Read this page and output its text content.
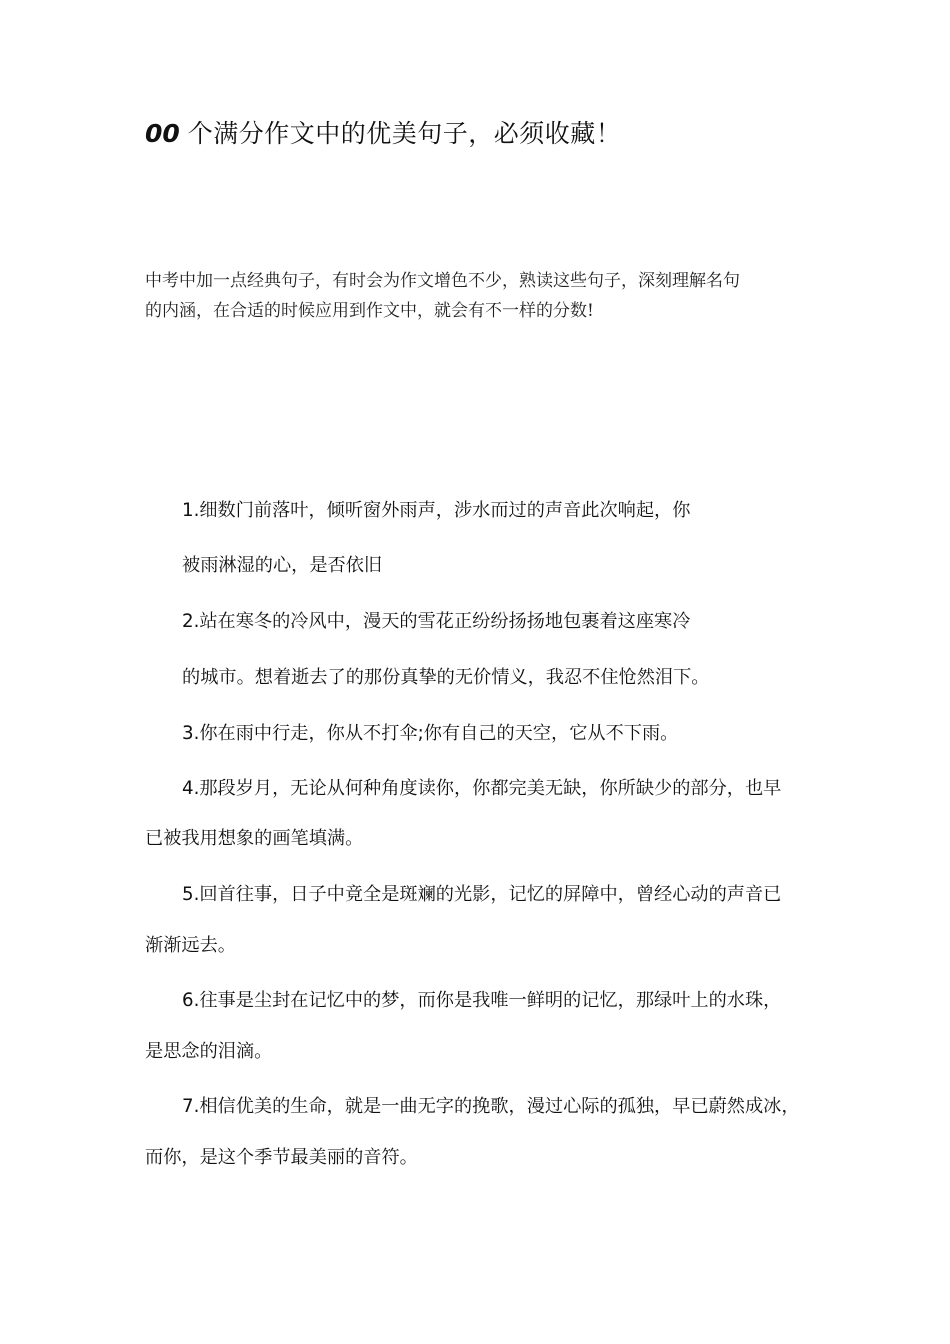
00 个满分作文中的优美句子，必须收藏！

中考中加一点经典句子，有时会为作文增色不少，熟读这些句子，深刻理解名句
的内涵，在合适的时候应用到作文中，就会有不一样的分数!

1.细数门前落叶，倾听窗外雨声，涉水而过的声音此次响起，你

被雨淋湿的心，是否依旧

2.站在寒冬的冷风中，漫天的雪花正纷纷扬扬地包裹着这座寒冷

的城市。想着逝去了的那份真挚的无价情义，我忍不住怆然泪下。

3.你在雨中行走，你从不打伞;你有自己的天空，它从不下雨。

4.那段岁月，无论从何种角度读你，你都完美无缺，你所缺少的部分，也早

已被我用想象的画笔填满。

5.回首往事，日子中竟全是斑斓的光影，记忆的屏障中，曾经心动的声音已

渐渐远去。

6.往事是尘封在记忆中的梦，而你是我唯一鲜明的记忆，那绿叶上的水珠，

是思念的泪滴。

7.相信优美的生命，就是一曲无字的挽歌，漫过心际的孤独，早已蔚然成冰，

而你，是这个季节最美丽的音符。
